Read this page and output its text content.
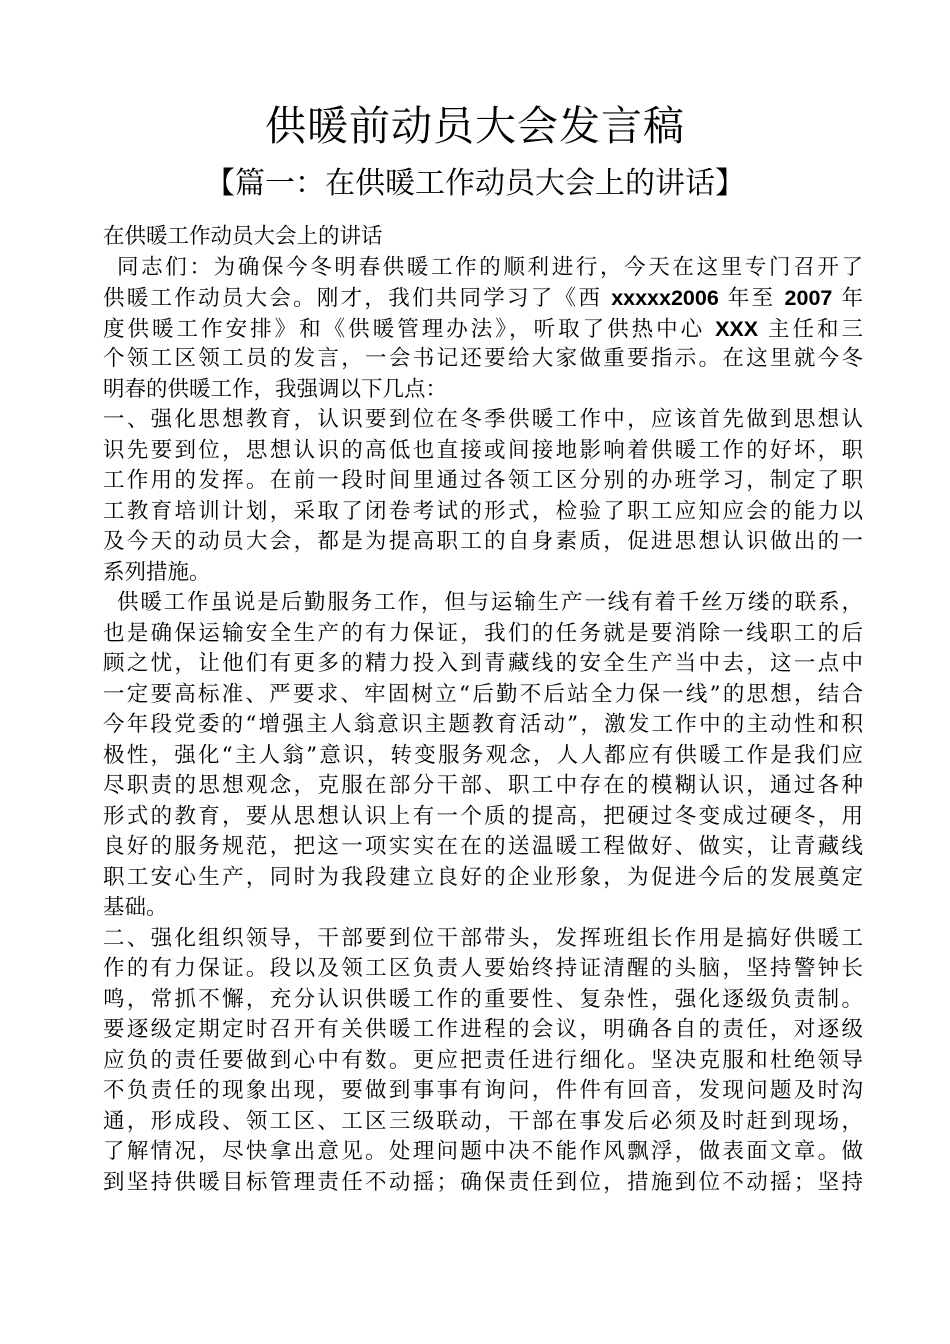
供暖前动员大会发言稿
【篇一：在供暖工作动员大会上的讲话】
在供暖工作动员大会上的讲话
同志们：为确保今冬明春供暖工作的顺利进行，今天在这里专门召开了
供暖工作动员大会。刚才，我们共同学习了《西 xxxxx2006 年至 2007 年
度供暖工作安排》和《供暖管理办法》，听取了供热中心 XXX 主任和三
个领工区领工员的发言，一会书记还要给大家做重要指示。在这里就今冬
明春的供暖工作，我强调以下几点：
一、强化思想教育，认识要到位在冬季供暖工作中，应该首先做到思想认
识先要到位，思想认识的高低也直接或间接地影响着供暖工作的好坏，职
工作用的发挥。在前一段时间里通过各领工区分别的办班学习，制定了职
工教育培训计划，采取了闭卷考试的形式，检验了职工应知应会的能力以
及今天的动员大会，都是为提高职工的自身素质，促进思想认识做出的一
系列措施。
供暖工作虽说是后勤服务工作，但与运输生产一线有着千丝万缕的联系，
也是确保运输安全生产的有力保证，我们的任务就是要消除一线职工的后
顾之忧，让他们有更多的精力投入到青藏线的安全生产当中去，这一点中
一定要高标准、严要求、牢固树立“后勤不后站全力保一线”的思想，结合
今年段党委的“增强主人翁意识主题教育活动”，激发工作中的主动性和积
极性，强化“主人翁”意识，转变服务观念，人人都应有供暖工作是我们应
尽职责的思想观念，克服在部分干部、职工中存在的模糊认识，通过各种
形式的教育，要从思想认识上有一个质的提高，把硬过冬变成过硬冬，用
良好的服务规范，把这一项实实在在的送温暖工程做好、做实，让青藏线
职工安心生产，同时为我段建立良好的企业形象，为促进今后的发展奠定
基础。
二、强化组织领导，干部要到位干部带头，发挥班组长作用是搞好供暖工
作的有力保证。段以及领工区负责人要始终持证清醒的头脑，坚持警钟长
鸣，常抓不懈，充分认识供暖工作的重要性、复杂性，强化逐级负责制。
要逐级定期定时召开有关供暖工作进程的会议，明确各自的责任，对逐级
应负的责任要做到心中有数。更应把责任进行细化。坚决克服和杜绝领导
不负责任的现象出现，要做到事事有询问，件件有回音，发现问题及时沟
通，形成段、领工区、工区三级联动，干部在事发后必须及时赶到现场，
了解情况，尽快拿出意见。处理问题中决不能作风飘浮，做表面文章。做
到坚持供暖目标管理责任不动摇；确保责任到位，措施到位不动摇；坚持
